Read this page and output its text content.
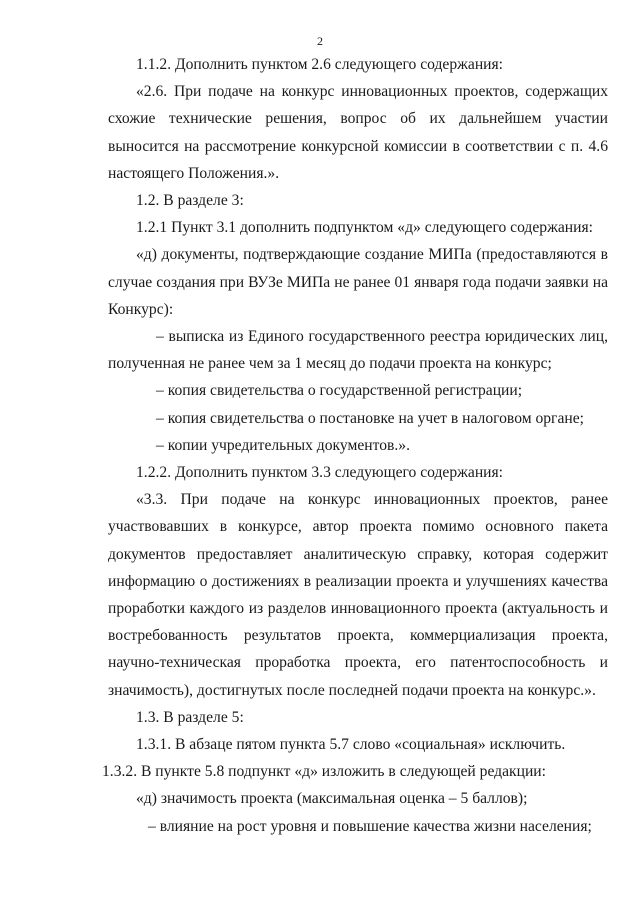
2

1.1.2. Дополнить пунктом 2.6 следующего содержания:

«2.6. При подаче на конкурс инновационных проектов, содержащих схожие технические решения, вопрос об их дальнейшем участии выносится на рассмотрение конкурсной комиссии в соответствии с п. 4.6 настоящего Положения.».

1.2. В разделе 3:

1.2.1 Пункт 3.1 дополнить подпунктом «д» следующего содержания:

«д) документы, подтверждающие создание МИПа (предоставляются в случае создания при ВУЗе МИПа не ранее 01 января года подачи заявки на Конкурс):

– выписка из Единого государственного реестра юридических лиц, полученная не ранее чем за 1 месяц до подачи проекта на конкурс;

– копия свидетельства о государственной регистрации;

– копия свидетельства о постановке на учет в налоговом органе;

– копии учредительных документов.».

1.2.2. Дополнить пунктом 3.3 следующего содержания:

«3.3. При подаче на конкурс инновационных проектов, ранее участвовавших в конкурсе, автор проекта помимо основного пакета документов предоставляет аналитическую справку, которая содержит информацию о достижениях в реализации проекта и улучшениях качества проработки каждого из разделов инновационного проекта (актуальность и востребованность результатов проекта, коммерциализация проекта, научно-техническая проработка проекта, его патентоспособность и значимость), достигнутых после последней подачи проекта на конкурс.».

1.3. В разделе 5:

1.3.1. В абзаце пятом пункта 5.7 слово «социальная» исключить.

1.3.2. В пункте 5.8 подпункт «д» изложить в следующей редакции:

«д) значимость проекта (максимальная оценка – 5 баллов);

– влияние на рост уровня и повышение качества жизни населения;
